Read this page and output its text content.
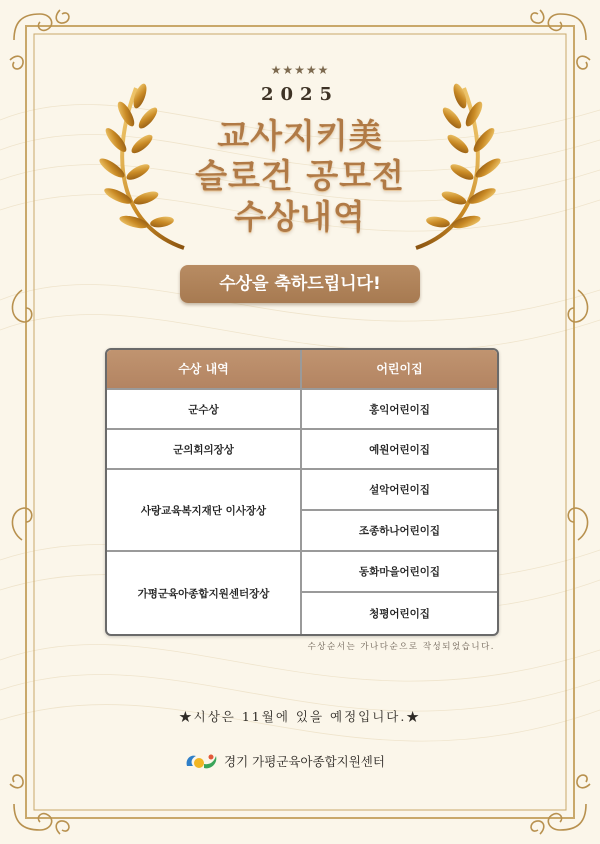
★★★★★
2025
교사지키美
슬로건 공모전
수상내역
수상을 축하드립니다!
수상 내역	어린이집
군수상
군의회의장상
사랑교육복지재단 이사장상
가평군육아종합지원센터장상
홍익어린이집
예원어린이집
설악어린이집
조종하나어린이집
동화마을어린이집
청평어린이집
수상순서는 가나다순으로 작성되었습니다.
★시상은 11월에 있을 예정입니다.★
경기 가평군육아종합지원센터
